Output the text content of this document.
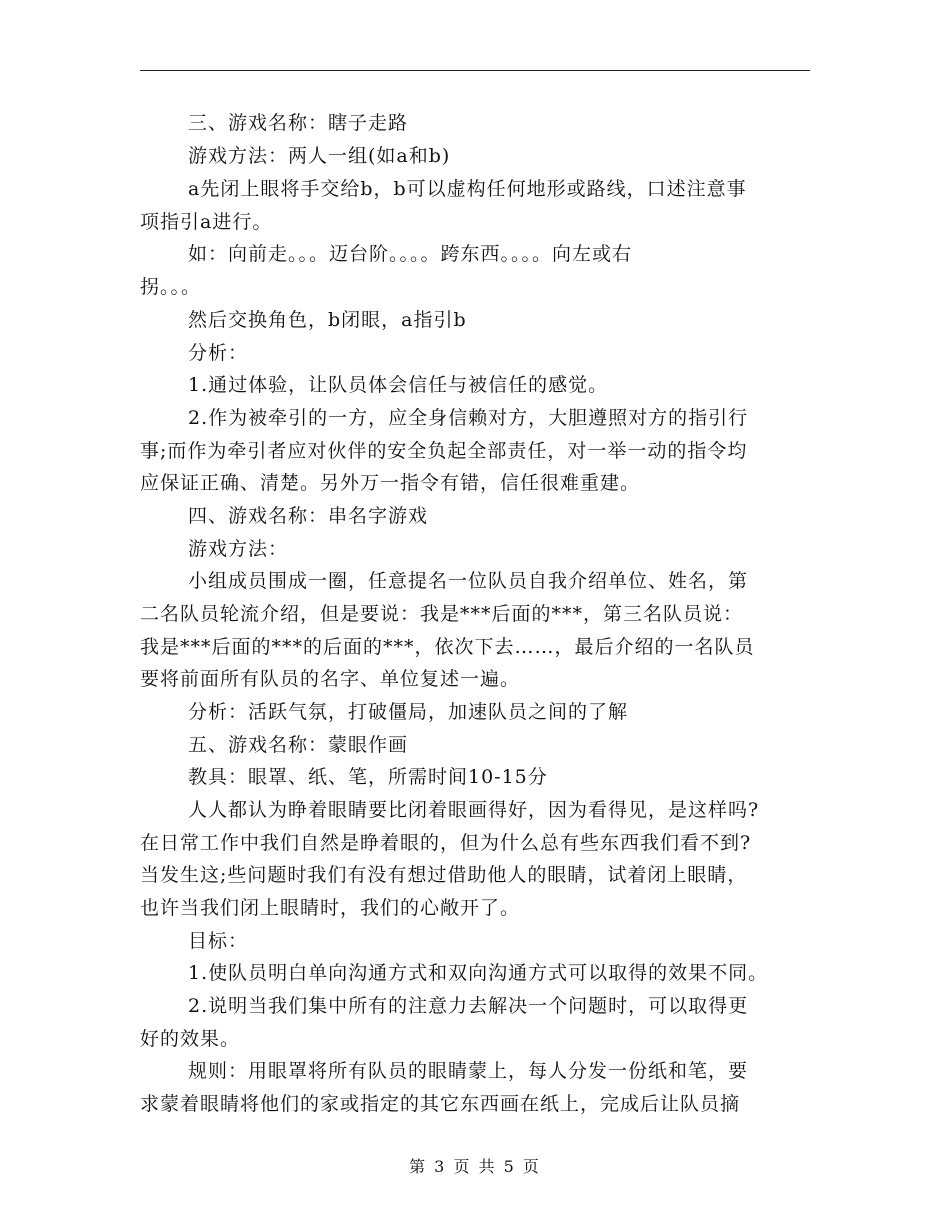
三、游戏名称：瞎子走路
游戏方法：两人一组(如a和b)
a先闭上眼将手交给b，b可以虚构任何地形或路线，口述注意事
项指引a进行。
如：向前走。。。迈台阶。。。。跨东西。。。。向左或右
拐。。。
然后交换角色，b闭眼，a指引b
分析：
1.通过体验，让队员体会信任与被信任的感觉。
2.作为被牵引的一方，应全身信赖对方，大胆遵照对方的指引行
事;而作为牵引者应对伙伴的安全负起全部责任，对一举一动的指令均
应保证正确、清楚。另外万一指令有错，信任很难重建。
四、游戏名称：串名字游戏
游戏方法：
小组成员围成一圈，任意提名一位队员自我介绍单位、姓名，第
二名队员轮流介绍，但是要说：我是***后面的***，第三名队员说：
我是***后面的***的后面的***，依次下去……，最后介绍的一名队员
要将前面所有队员的名字、单位复述一遍。
分析：活跃气氛，打破僵局，加速队员之间的了解
五、游戏名称：蒙眼作画
教具：眼罩、纸、笔，所需时间10-15分
人人都认为睁着眼睛要比闭着眼画得好，因为看得见，是这样吗?
在日常工作中我们自然是睁着眼的，但为什么总有些东西我们看不到?
当发生这;些问题时我们有没有想过借助他人的眼睛，试着闭上眼睛，
也许当我们闭上眼睛时，我们的心敞开了。
目标：
1.使队员明白单向沟通方式和双向沟通方式可以取得的效果不同。
2.说明当我们集中所有的注意力去解决一个问题时，可以取得更
好的效果。
规则：用眼罩将所有队员的眼睛蒙上，每人分发一份纸和笔，要
求蒙着眼睛将他们的家或指定的其它东西画在纸上，完成后让队员摘
第 3 页 共 5 页
